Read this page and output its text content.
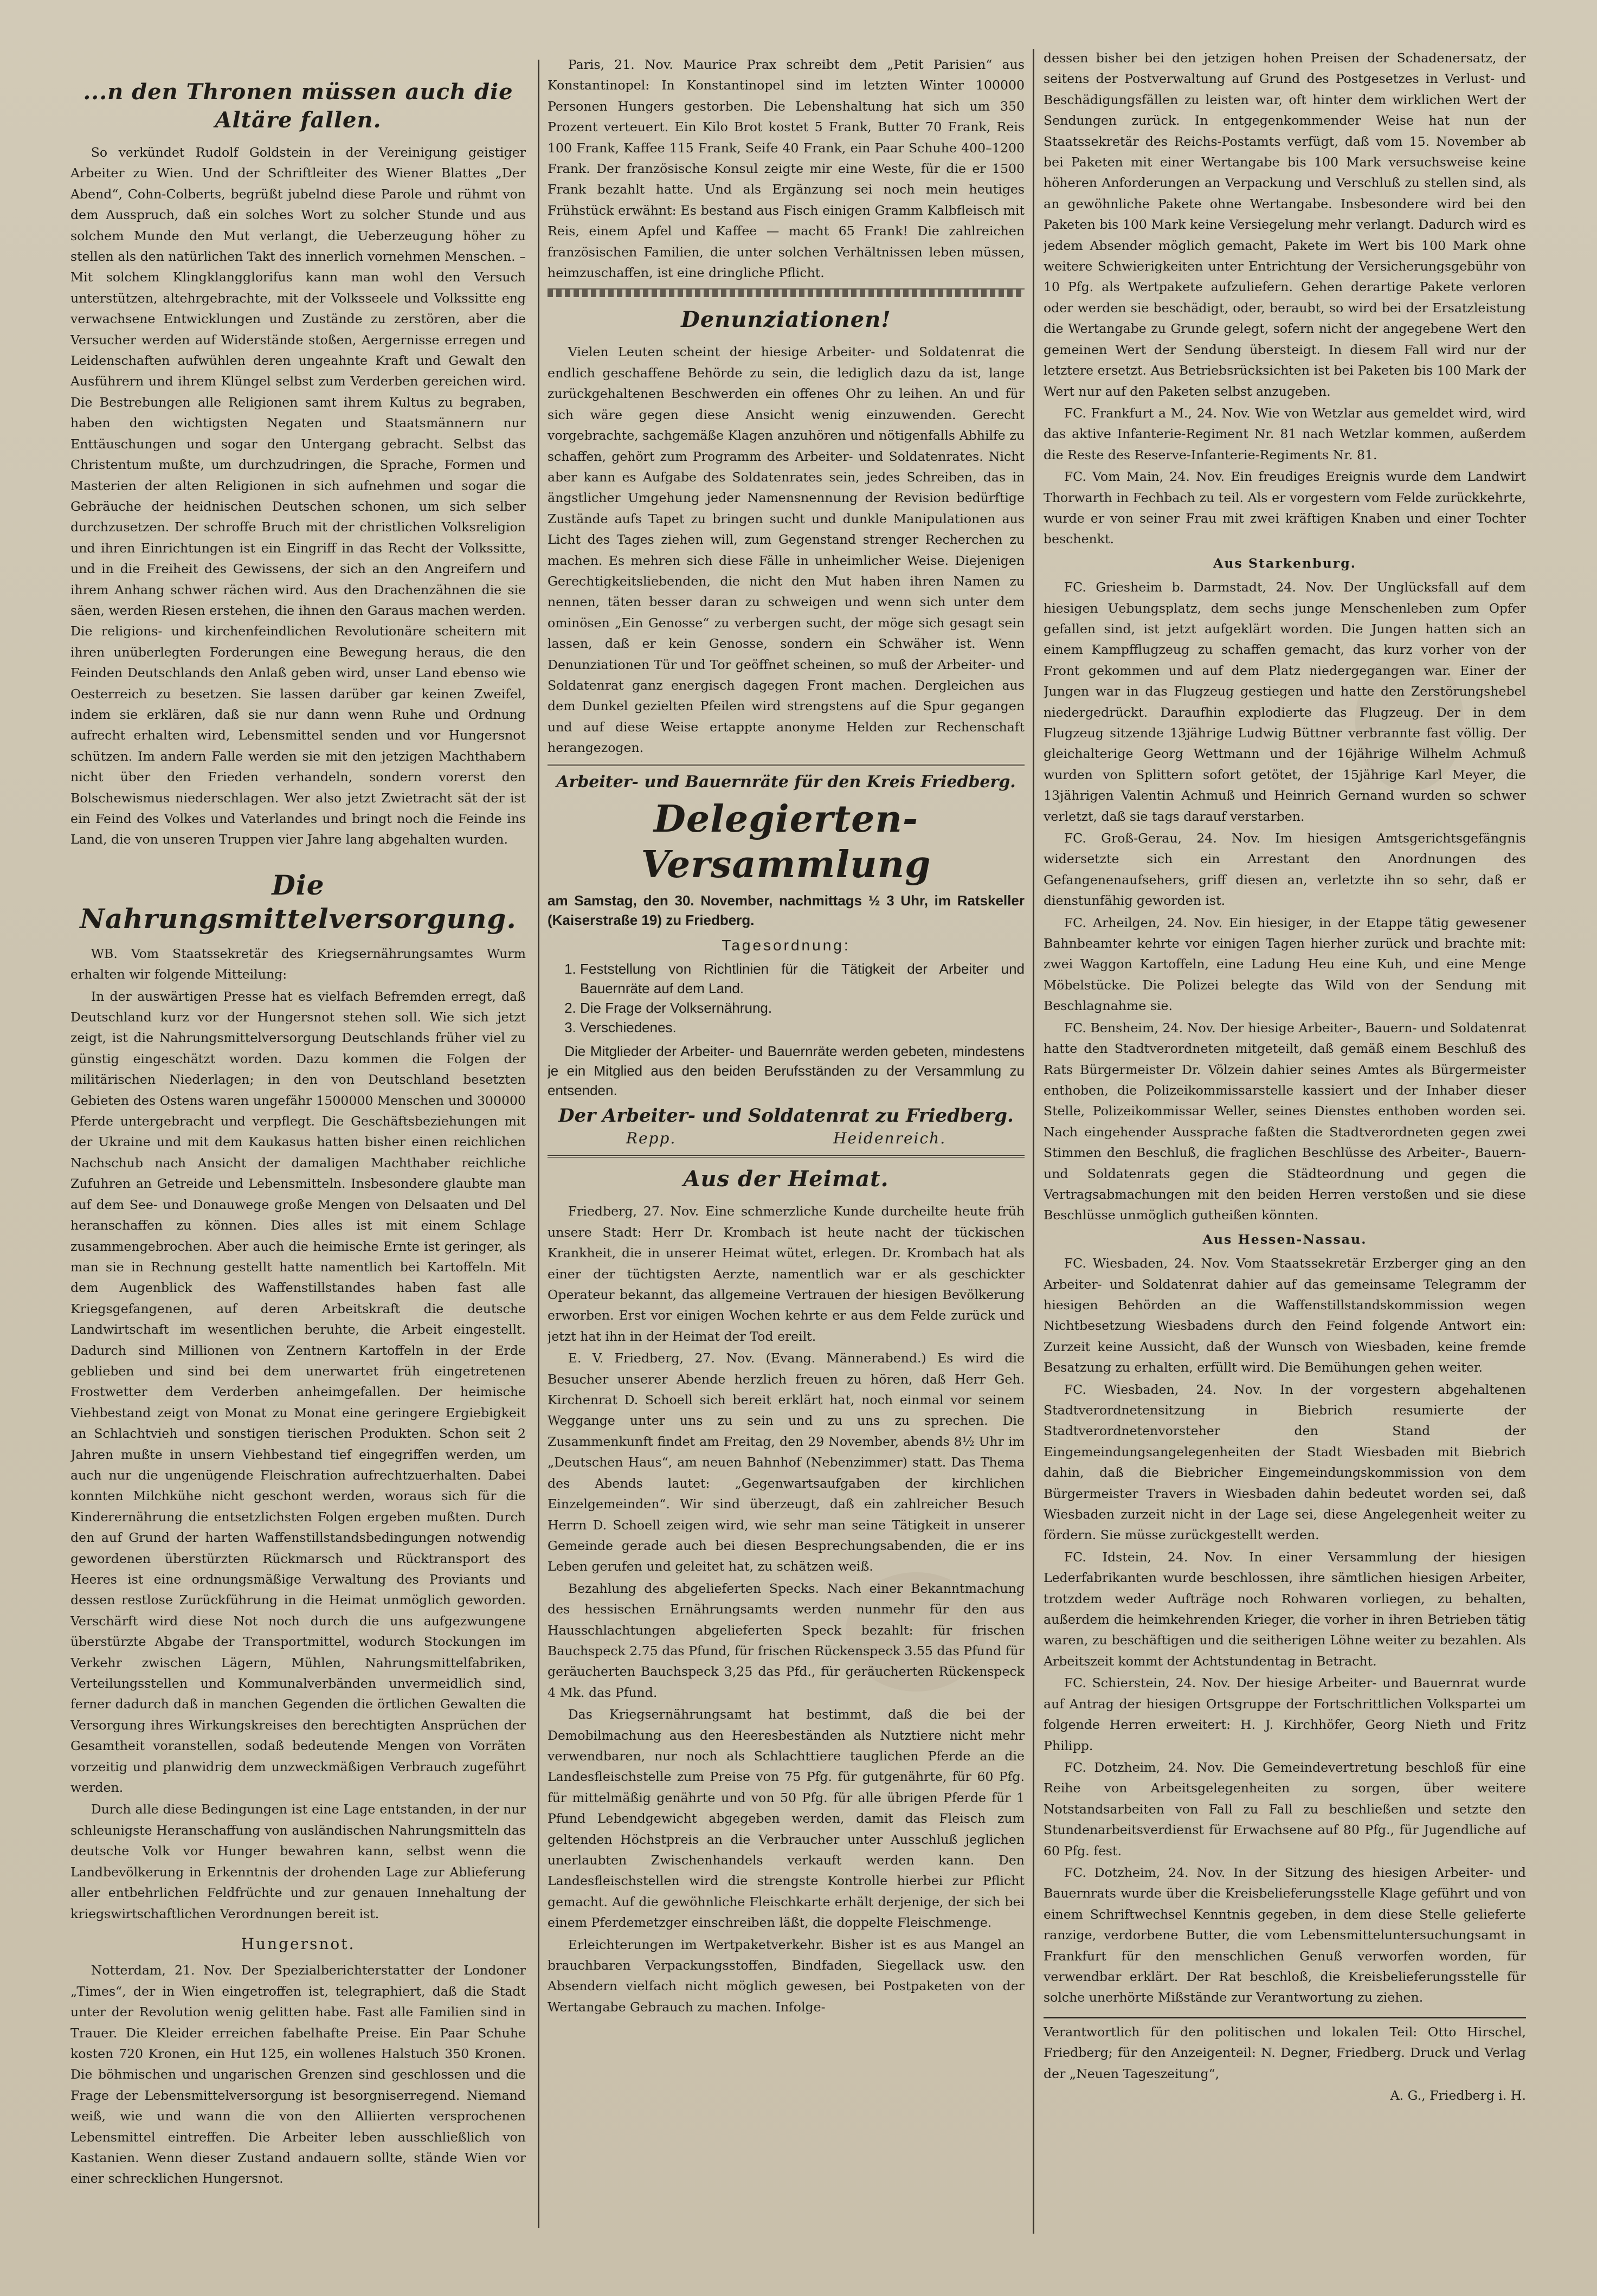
...n den Thronen müssen auch die Altäre fallen.

So verkündet Rudolf Goldstein in der Vereinigung geistiger Arbeiter zu Wien. Und der Schriftleiter des Wiener Blattes „Der Abend“, Cohn-Colberts, begrüßt jubelnd diese Parole und rühmt von dem Ausspruch, daß ein solches Wort zu solcher Stunde und aus solchem Munde den Mut verlangt, die Ueberzeugung höher zu stellen als den natürlichen Takt des innerlich vornehmen Menschen. – Mit solchem Klingklangglorifus kann man wohl den Versuch unterstützen, altehrgebrachte, mit der Volksseele und Volkssitte eng verwachsene Entwicklungen und Zustände zu zerstören, aber die Versucher werden auf Widerstände stoßen, Aergernisse erregen und Leidenschaften aufwühlen deren ungeahnte Kraft und Gewalt den Ausführern und ihrem Klüngel selbst zum Verderben gereichen wird. Die Bestrebungen alle Religionen samt ihrem Kultus zu begraben, haben den wichtigsten Negaten und Staatsmännern nur Enttäuschungen und sogar den Untergang gebracht. Selbst das Christentum mußte, um durchzudringen, die Sprache, Formen und Masterien der alten Religionen in sich aufnehmen und sogar die Gebräuche der heidnischen Deutschen schonen, um sich selber durchzusetzen. Der schroffe Bruch mit der christlichen Volksreligion und ihren Einrichtungen ist ein Eingriff in das Recht der Volkssitte, und in die Freiheit des Gewissens, der sich an den Angreifern und ihrem Anhang schwer rächen wird. Aus den Drachenzähnen die sie säen, werden Riesen erstehen, die ihnen den Garaus machen werden. Die religions- und kirchenfeindlichen Revolutionäre scheitern mit ihren unüberlegten Forderungen eine Bewegung heraus, die den Feinden Deutschlands den Anlaß geben wird, unser Land ebenso wie Oesterreich zu besetzen. Sie lassen darüber gar keinen Zweifel, indem sie erklären, daß sie nur dann wenn Ruhe und Ordnung aufrecht erhalten wird, Lebensmittel senden und vor Hungersnot schützen. Im andern Falle werden sie mit den jetzigen Machthabern nicht über den Frieden verhandeln, sondern vorerst den Bolschewismus niederschlagen. Wer also jetzt Zwietracht sät der ist ein Feind des Volkes und Vaterlandes und bringt noch die Feinde ins Land, die von unseren Truppen vier Jahre lang abgehalten wurden.

Die Nahrungsmittelversorgung.

WB. Vom Staatssekretär des Kriegsernährungsamtes Wurm erhalten wir folgende Mitteilung:

In der auswärtigen Presse hat es vielfach Befremden erregt, daß Deutschland kurz vor der Hungersnot stehen soll. Wie sich jetzt zeigt, ist die Nahrungsmittelversorgung Deutschlands früher viel zu günstig eingeschätzt worden. Dazu kommen die Folgen der militärischen Niederlagen; in den von Deutschland besetzten Gebieten des Ostens waren ungefähr 1500000 Menschen und 300000 Pferde untergebracht und verpflegt. Die Geschäftsbeziehungen mit der Ukraine und mit dem Kaukasus hatten bisher einen reichlichen Nachschub nach Ansicht der damaligen Machthaber reichliche Zufuhren an Getreide und Lebensmitteln. Insbesondere glaubte man auf dem See- und Donauwege große Mengen von Delsaaten und Del heranschaffen zu können. Dies alles ist mit einem Schlage zusammengebrochen. Aber auch die heimische Ernte ist geringer, als man sie in Rechnung gestellt hatte namentlich bei Kartoffeln. Mit dem Augenblick des Waffenstillstandes haben fast alle Kriegsgefangenen, auf deren Arbeitskraft die deutsche Landwirtschaft im wesentlichen beruhte, die Arbeit eingestellt. Dadurch sind Millionen von Zentnern Kartoffeln in der Erde geblieben und sind bei dem unerwartet früh eingetretenen Frostwetter dem Verderben anheimgefallen. Der heimische Viehbestand zeigt von Monat zu Monat eine geringere Ergiebigkeit an Schlachtvieh und sonstigen tierischen Produkten. Schon seit 2 Jahren mußte in unsern Viehbestand tief eingegriffen werden, um auch nur die ungenügende Fleischration aufrechtzuerhalten. Dabei konnten Milchkühe nicht geschont werden, woraus sich für die Kinderernährung die entsetzlichsten Folgen ergeben mußten. Durch den auf Grund der harten Waffenstillstandsbedingungen notwendig gewordenen überstürzten Rückmarsch und Rücktransport des Heeres ist eine ordnungsmäßige Verwaltung des Proviants und dessen restlose Zurückführung in die Heimat unmöglich geworden. Verschärft wird diese Not noch durch die uns aufgezwungene überstürzte Abgabe der Transportmittel, wodurch Stockungen im Verkehr zwischen Lägern, Mühlen, Nahrungsmittelfabriken, Verteilungsstellen und Kommunalverbänden unvermeidlich sind, ferner dadurch daß in manchen Gegenden die örtlichen Gewalten die Versorgung ihres Wirkungskreises den berechtigten Ansprüchen der Gesamtheit voranstellen, sodaß bedeutende Mengen von Vorräten vorzeitig und planwidrig dem unzweckmäßigen Verbrauch zugeführt werden.

Durch alle diese Bedingungen ist eine Lage entstanden, in der nur schleunigste Heranschaffung von ausländischen Nahrungsmitteln das deutsche Volk vor Hunger bewahren kann, selbst wenn die Landbevölkerung in Erkenntnis der drohenden Lage zur Ablieferung aller entbehrlichen Feldfrüchte und zur genauen Innehaltung der kriegswirtschaftlichen Verordnungen bereit ist.

Hungersnot.

Notterdam, 21. Nov. Der Spezialberichterstatter der Londoner „Times“, der in Wien eingetroffen ist, telegraphiert, daß die Stadt unter der Revolution wenig gelitten habe. Fast alle Familien sind in Trauer. Die Kleider erreichen fabelhafte Preise. Ein Paar Schuhe kosten 720 Kronen, ein Hut 125, ein wollenes Halstuch 350 Kronen. Die böhmischen und ungarischen Grenzen sind geschlossen und die Frage der Lebensmittelversorgung ist besorgniserregend. Niemand weiß, wie und wann die von den Alliierten versprochenen Lebensmittel eintreffen. Die Arbeiter leben ausschließlich von Kastanien. Wenn dieser Zustand andauern sollte, stände Wien vor einer schrecklichen Hungersnot.

Paris, 21. Nov. Maurice Prax schreibt dem „Petit Parisien“ aus Konstantinopel: In Konstantinopel sind im letzten Winter 100000 Personen Hungers gestorben. Die Lebenshaltung hat sich um 350 Prozent verteuert. Ein Kilo Brot kostet 5 Frank, Butter 70 Frank, Reis 100 Frank, Kaffee 115 Frank, Seife 40 Frank, ein Paar Schuhe 400–1200 Frank. Der französische Konsul zeigte mir eine Weste, für die er 1500 Frank bezahlt hatte. Und als Ergänzung sei noch mein heutiges Frühstück erwähnt: Es bestand aus Fisch einigen Gramm Kalbfleisch mit Reis, einem Apfel und Kaffee — macht 65 Frank! Die zahlreichen französischen Familien, die unter solchen Verhältnissen leben müssen, heimzuschaffen, ist eine dringliche Pflicht.

Denunziationen!

Vielen Leuten scheint der hiesige Arbeiter- und Soldatenrat die endlich geschaffene Behörde zu sein, die lediglich dazu da ist, lange zurückgehaltenen Beschwerden ein offenes Ohr zu leihen. An und für sich wäre gegen diese Ansicht wenig einzuwenden. Gerecht vorgebrachte, sachgemäße Klagen anzuhören und nötigenfalls Abhilfe zu schaffen, gehört zum Programm des Arbeiter- und Soldatenrates. Nicht aber kann es Aufgabe des Soldatenrates sein, jedes Schreiben, das in ängstlicher Umgehung jeder Namensnennung der Revision bedürftige Zustände aufs Tapet zu bringen sucht und dunkle Manipulationen aus Licht des Tages ziehen will, zum Gegenstand strenger Recherchen zu machen. Es mehren sich diese Fälle in unheimlicher Weise. Diejenigen Gerechtigkeitsliebenden, die nicht den Mut haben ihren Namen zu nennen, täten besser daran zu schweigen und wenn sich unter dem ominösen „Ein Genosse“ zu verbergen sucht, der möge sich gesagt sein lassen, daß er kein Genosse, sondern ein Schwäher ist. Wenn Denunziationen Tür und Tor geöffnet scheinen, so muß der Arbeiter- und Soldatenrat ganz energisch dagegen Front machen. Dergleichen aus dem Dunkel gezielten Pfeilen wird strengstens auf die Spur gegangen und auf diese Weise ertappte anonyme Helden zur Rechenschaft herangezogen.

Arbeiter- und Bauernräte für den Kreis Friedberg.
Delegierten-Versammlung
am Samstag, den 30. November, nachmittags ½ 3 Uhr, im Ratskeller (Kaiserstraße 19) zu Friedberg.
Tagesordnung:
1. Feststellung von Richtlinien für die Tätigkeit der Arbeiter und Bauernräte auf dem Land.
2. Die Frage der Volksernährung.
3. Verschiedenes.
Die Mitglieder der Arbeiter- und Bauernräte werden gebeten, mindestens je ein Mitglied aus den beiden Berufsständen zu der Versammlung zu entsenden.
Der Arbeiter- und Soldatenrat zu Friedberg.
Repp.	Heidenreich.
Aus der Heimat.

Friedberg, 27. Nov. Eine schmerzliche Kunde durcheilte heute früh unsere Stadt: Herr Dr. Krombach ist heute nacht der tückischen Krankheit, die in unserer Heimat wütet, erlegen. Dr. Krombach hat als einer der tüchtigsten Aerzte, namentlich war er als geschickter Operateur bekannt, das allgemeine Vertrauen der hiesigen Bevölkerung erworben. Erst vor einigen Wochen kehrte er aus dem Felde zurück und jetzt hat ihn in der Heimat der Tod ereilt.

E. V. Friedberg, 27. Nov. (Evang. Männerabend.) Es wird die Besucher unserer Abende herzlich freuen zu hören, daß Herr Geh. Kirchenrat D. Schoell sich bereit erklärt hat, noch einmal vor seinem Weggange unter uns zu sein und zu uns zu sprechen. Die Zusammenkunft findet am Freitag, den 29 November, abends 8½ Uhr im „Deutschen Haus“, am neuen Bahnhof (Nebenzimmer) statt. Das Thema des Abends lautet: „Gegenwartsaufgaben der kirchlichen Einzelgemeinden“. Wir sind überzeugt, daß ein zahlreicher Besuch Herrn D. Schoell zeigen wird, wie sehr man seine Tätigkeit in unserer Gemeinde gerade auch bei diesen Besprechungsabenden, die er ins Leben gerufen und geleitet hat, zu schätzen weiß.

Bezahlung des abgelieferten Specks. Nach einer Bekanntmachung des hessischen Ernährungsamts werden nunmehr für den aus Hausschlachtungen abgelieferten Speck bezahlt: für frischen Bauchspeck 2.75 das Pfund, für frischen Rückenspeck 3.55 das Pfund für geräucherten Bauchspeck 3,25 das Pfd., für geräucherten Rückenspeck 4 Mk. das Pfund.

Das Kriegsernährungsamt hat bestimmt, daß die bei der Demobilmachung aus den Heeresbeständen als Nutztiere nicht mehr verwendbaren, nur noch als Schlachttiere tauglichen Pferde an die Landesfleischstelle zum Preise von 75 Pfg. für gutgenährte, für 60 Pfg. für mittelmäßig genährte und von 50 Pfg. für alle übrigen Pferde für 1 Pfund Lebendgewicht abgegeben werden, damit das Fleisch zum geltenden Höchstpreis an die Verbraucher unter Ausschluß jeglichen unerlaubten Zwischenhandels verkauft werden kann. Den Landesfleischstellen wird die strengste Kontrolle hierbei zur Pflicht gemacht. Auf die gewöhnliche Fleischkarte erhält derjenige, der sich bei einem Pferdemetzger einschreiben läßt, die doppelte Fleischmenge.

Erleichterungen im Wertpaketverkehr. Bisher ist es aus Mangel an brauchbaren Verpackungsstoffen, Bindfaden, Siegellack usw. den Absendern vielfach nicht möglich gewesen, bei Postpaketen von der Wertangabe Gebrauch zu machen. Infolge-

dessen bisher bei den jetzigen hohen Preisen der Schadenersatz, der seitens der Postverwaltung auf Grund des Postgesetzes in Verlust- und Beschädigungsfällen zu leisten war, oft hinter dem wirklichen Wert der Sendungen zurück. In entgegenkommender Weise hat nun der Staatssekretär des Reichs-Postamts verfügt, daß vom 15. November ab bei Paketen mit einer Wertangabe bis 100 Mark versuchsweise keine höheren Anforderungen an Verpackung und Verschluß zu stellen sind, als an gewöhnliche Pakete ohne Wertangabe. Insbesondere wird bei den Paketen bis 100 Mark keine Versiegelung mehr verlangt. Dadurch wird es jedem Absender möglich gemacht, Pakete im Wert bis 100 Mark ohne weitere Schwierigkeiten unter Entrichtung der Versicherungsgebühr von 10 Pfg. als Wertpakete aufzuliefern. Gehen derartige Pakete verloren oder werden sie beschädigt, oder, beraubt, so wird bei der Ersatzleistung die Wertangabe zu Grunde gelegt, sofern nicht der angegebene Wert den gemeinen Wert der Sendung übersteigt. In diesem Fall wird nur der letztere ersetzt. Aus Betriebsrücksichten ist bei Paketen bis 100 Mark der Wert nur auf den Paketen selbst anzugeben.

FC. Frankfurt a M., 24. Nov. Wie von Wetzlar aus gemeldet wird, wird das aktive Infanterie-Regiment Nr. 81 nach Wetzlar kommen, außerdem die Reste des Reserve-Infanterie-Regiments Nr. 81.

FC. Vom Main, 24. Nov. Ein freudiges Ereignis wurde dem Landwirt Thorwarth in Fechbach zu teil. Als er vorgestern vom Felde zurückkehrte, wurde er von seiner Frau mit zwei kräftigen Knaben und einer Tochter beschenkt.

Aus Starkenburg.

FC. Griesheim b. Darmstadt, 24. Nov. Der Unglücksfall auf dem hiesigen Uebungsplatz, dem sechs junge Menschenleben zum Opfer gefallen sind, ist jetzt aufgeklärt worden. Die Jungen hatten sich an einem Kampfflugzeug zu schaffen gemacht, das kurz vorher von der Front gekommen und auf dem Platz niedergegangen war. Einer der Jungen war in das Flugzeug gestiegen und hatte den Zerstörungshebel niedergedrückt. Daraufhin explodierte das Flugzeug. Der in dem Flugzeug sitzende 13jährige Ludwig Büttner verbrannte fast völlig. Der gleichalterige Georg Wettmann und der 16jährige Wilhelm Achmuß wurden von Splittern sofort getötet, der 15jährige Karl Meyer, die 13jährigen Valentin Achmuß und Heinrich Gernand wurden so schwer verletzt, daß sie tags darauf verstarben.

FC. Groß-Gerau, 24. Nov. Im hiesigen Amtsgerichtsgefängnis widersetzte sich ein Arrestant den Anordnungen des Gefangenenaufsehers, griff diesen an, verletzte ihn so sehr, daß er dienstunfähig geworden ist.

FC. Arheilgen, 24. Nov. Ein hiesiger, in der Etappe tätig gewesener Bahnbeamter kehrte vor einigen Tagen hierher zurück und brachte mit: zwei Waggon Kartoffeln, eine Ladung Heu eine Kuh, und eine Menge Möbelstücke. Die Polizei belegte das Wild von der Sendung mit Beschlagnahme sie.

FC. Bensheim, 24. Nov. Der hiesige Arbeiter-, Bauern- und Soldatenrat hatte den Stadtverordneten mitgeteilt, daß gemäß einem Beschluß des Rats Bürgermeister Dr. Völzein dahier seines Amtes als Bürgermeister enthoben, die Polizeikommissarstelle kassiert und der Inhaber dieser Stelle, Polizeikommissar Weller, seines Dienstes enthoben worden sei. Nach eingehender Aussprache faßten die Stadtverordneten gegen zwei Stimmen den Beschluß, die fraglichen Beschlüsse des Arbeiter-, Bauern- und Soldatenrats gegen die Städteordnung und gegen die Vertragsabmachungen mit den beiden Herren verstoßen und sie diese Beschlüsse unmöglich gutheißen könnten.

Aus Hessen-Nassau.

FC. Wiesbaden, 24. Nov. Vom Staatssekretär Erzberger ging an den Arbeiter- und Soldatenrat dahier auf das gemeinsame Telegramm der hiesigen Behörden an die Waffenstillstandskommission wegen Nichtbesetzung Wiesbadens durch den Feind folgende Antwort ein: Zurzeit keine Aussicht, daß der Wunsch von Wiesbaden, keine fremde Besatzung zu erhalten, erfüllt wird. Die Bemühungen gehen weiter.

FC. Wiesbaden, 24. Nov. In der vorgestern abgehaltenen Stadtverordnetensitzung in Biebrich resumierte der Stadtverordnetenvorsteher den Stand der Eingemeindungsangelegenheiten der Stadt Wiesbaden mit Biebrich dahin, daß die Biebricher Eingemeindungskommission von dem Bürgermeister Travers in Wiesbaden dahin bedeutet worden sei, daß Wiesbaden zurzeit nicht in der Lage sei, diese Angelegenheit weiter zu fördern. Sie müsse zurückgestellt werden.

FC. Idstein, 24. Nov. In einer Versammlung der hiesigen Lederfabrikanten wurde beschlossen, ihre sämtlichen hiesigen Arbeiter, trotzdem weder Aufträge noch Rohwaren vorliegen, zu behalten, außerdem die heimkehrenden Krieger, die vorher in ihren Betrieben tätig waren, zu beschäftigen und die seitherigen Löhne weiter zu bezahlen. Als Arbeitszeit kommt der Achtstundentag in Betracht.

FC. Schierstein, 24. Nov. Der hiesige Arbeiter- und Bauernrat wurde auf Antrag der hiesigen Ortsgruppe der Fortschrittlichen Volkspartei um folgende Herren erweitert: H. J. Kirchhöfer, Georg Nieth und Fritz Philipp.

FC. Dotzheim, 24. Nov. Die Gemeindevertretung beschloß für eine Reihe von Arbeitsgelegenheiten zu sorgen, über weitere Notstandsarbeiten von Fall zu Fall zu beschließen und setzte den Stundenarbeitsverdienst für Erwachsene auf 80 Pfg., für Jugendliche auf 60 Pfg. fest.

FC. Dotzheim, 24. Nov. In der Sitzung des hiesigen Arbeiter- und Bauernrats wurde über die Kreisbelieferungsstelle Klage geführt und von einem Schriftwechsel Kenntnis gegeben, in dem diese Stelle gelieferte ranzige, verdorbene Butter, die vom Lebensmitteluntersuchungsamt in Frankfurt für den menschlichen Genuß verworfen worden, für verwendbar erklärt. Der Rat beschloß, die Kreisbelieferungsstelle für solche unerhörte Mißstände zur Verantwortung zu ziehen.

Verantwortlich für den politischen und lokalen Teil: Otto Hirschel, Friedberg; für den Anzeigenteil: N. Degner, Friedberg. Druck und Verlag der „Neuen Tageszeitung“,

A. G., Friedberg i. H.
